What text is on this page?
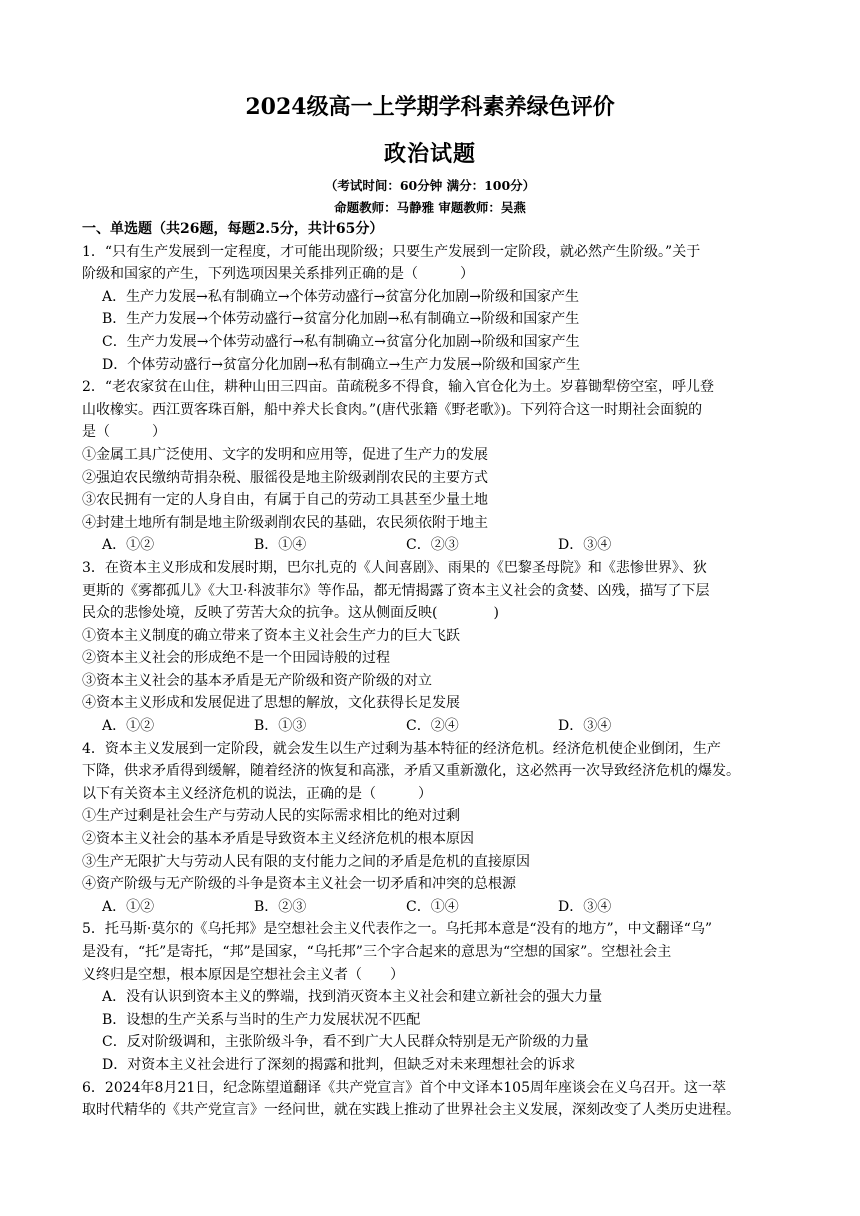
2024级高一上学期学科素养绿色评价
政治试题
（考试时间：60分钟 满分：100分）
命题教师：马静雅 审题教师：吴燕
一、单选题（共26题，每题2.5分，共计65分）
1．“只有生产发展到一定程度，才可能出现阶级；只要生产发展到一定阶段，就必然产生阶级。”关于
阶级和国家的产生，下列选项因果关系排列正确的是（　　　）
A．生产力发展→私有制确立→个体劳动盛行→贫富分化加剧→阶级和国家产生
B．生产力发展→个体劳动盛行→贫富分化加剧→私有制确立→阶级和国家产生
C．生产力发展→个体劳动盛行→私有制确立→贫富分化加剧→阶级和国家产生
D．个体劳动盛行→贫富分化加剧→私有制确立→生产力发展→阶级和国家产生
2．“老农家贫在山住，耕种山田三四亩。苗疏税多不得食，输入官仓化为土。岁暮锄犁傍空室，呼儿登
山收橡实。西江贾客珠百斛，船中养犬长食肉。”(唐代张籍《野老歌》)。下列符合这一时期社会面貌的
是（　　　）
①金属工具广泛使用、文字的发明和应用等，促进了生产力的发展
②强迫农民缴纳苛捐杂税、服徭役是地主阶级剥削农民的主要方式
③农民拥有一定的人身自由，有属于自己的劳动工具甚至少量土地
④封建土地所有制是地主阶级剥削农民的基础，农民须依附于地主
A．①②	B．①④	C．②③	D．③④
3．在资本主义形成和发展时期，巴尔扎克的《人间喜剧》、雨果的《巴黎圣母院》和《悲惨世界》、狄
更斯的《雾都孤儿》《大卫·科波菲尔》等作品，都无情揭露了资本主义社会的贪婪、凶残，描写了下层
民众的悲惨处境，反映了劳苦大众的抗争。这从侧面反映(　　　　)
①资本主义制度的确立带来了资本主义社会生产力的巨大飞跃
②资本主义社会的形成绝不是一个田园诗般的过程
③资本主义社会的基本矛盾是无产阶级和资产阶级的对立
④资本主义形成和发展促进了思想的解放，文化获得长足发展
A．①②	B．①③	C．②④	D．③④
4．资本主义发展到一定阶段，就会发生以生产过剩为基本特征的经济危机。经济危机使企业倒闭，生产
下降，供求矛盾得到缓解，随着经济的恢复和高涨，矛盾又重新激化，这必然再一次导致经济危机的爆发。
以下有关资本主义经济危机的说法，正确的是（　　　）
①生产过剩是社会生产与劳动人民的实际需求相比的绝对过剩
②资本主义社会的基本矛盾是导致资本主义经济危机的根本原因
③生产无限扩大与劳动人民有限的支付能力之间的矛盾是危机的直接原因
④资产阶级与无产阶级的斗争是资本主义社会一切矛盾和冲突的总根源
A．①②	B．②③	C．①④	D．③④
5．托马斯·莫尔的《乌托邦》是空想社会主义代表作之一。乌托邦本意是“没有的地方”，中文翻译“乌”
是没有，“托”是寄托，“邦”是国家，“乌托邦”三个字合起来的意思为“空想的国家”。空想社会主
义终归是空想，根本原因是空想社会主义者（　　）
A．没有认识到资本主义的弊端，找到消灭资本主义社会和建立新社会的强大力量
B．设想的生产关系与当时的生产力发展状况不匹配
C．反对阶级调和，主张阶级斗争，看不到广大人民群众特别是无产阶级的力量
D．对资本主义社会进行了深刻的揭露和批判，但缺乏对未来理想社会的诉求
6．2024年8月21日，纪念陈望道翻译《共产党宣言》首个中文译本105周年座谈会在义乌召开。这一萃
取时代精华的《共产党宣言》一经问世，就在实践上推动了世界社会主义发展，深刻改变了人类历史进程。
